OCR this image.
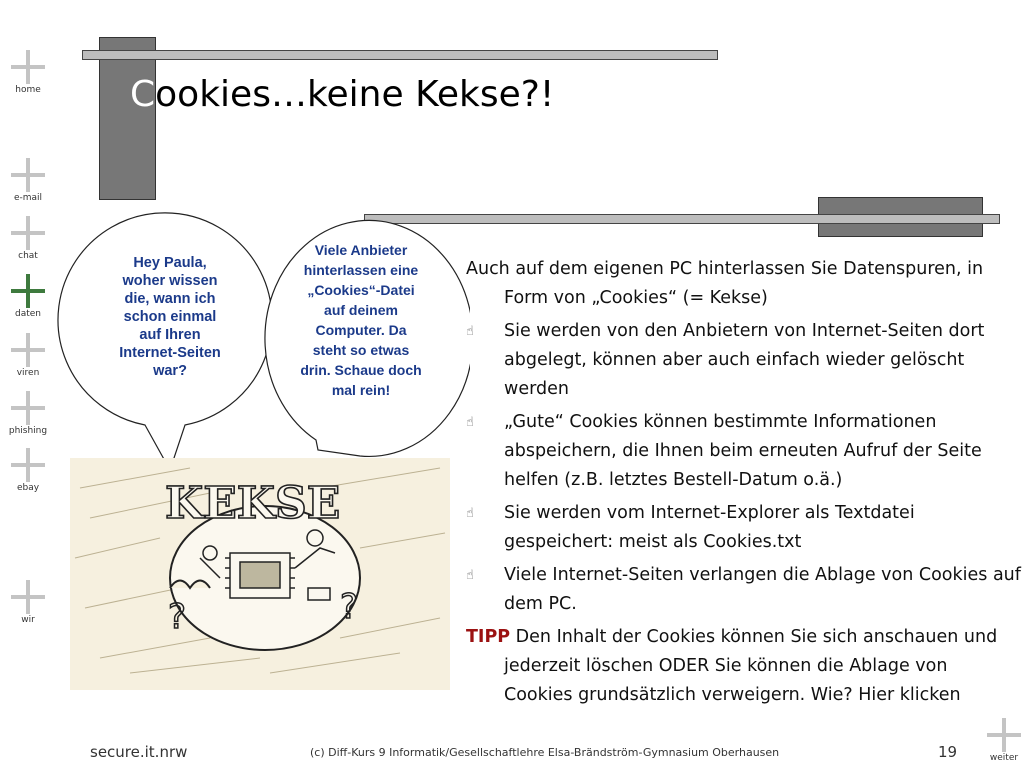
home
e-mail
chat
daten
viren
phishing
ebay
wir
Cookies…keine Kekse?!
Hey Paula,
woher wissen
die, wann ich
schon einmal
auf Ihren
Internet-Seiten
war?
Viele Anbieter
hinterlassen eine
„Cookies“-Datei
auf deinem
Computer. Da
steht so etwas
drin. Schaue doch
mal rein!
KEKSE
?	?

Auch auf dem eigenen PC hinterlassen Sie Datenspuren, in Form von „Cookies“ (= Kekse)

☝	Sie werden von den Anbietern von Internet-Seiten dort abgelegt, können aber auch einfach wieder gelöscht werden
☝	„Gute“ Cookies können bestimmte Informationen abspeichern, die Ihnen beim erneuten Aufruf der Seite helfen (z.B. letztes Bestell-Datum o.ä.)
☝	Sie werden vom Internet-Explorer als Textdatei gespeichert: meist als Cookies.txt
☝	Viele Internet-Seiten verlangen die Ablage von Cookies auf dem PC.

TIPP Den Inhalt der Cookies können Sie sich anschauen und jederzeit löschen ODER Sie können die Ablage von Cookies grundsätzlich verweigern. Wie? Hier klicken

secure.it.nrw	(c) Diff-Kurs 9 Informatik/Gesellschaftlehre Elsa-Brändström-Gymnasium Oberhausen	19	weiter
